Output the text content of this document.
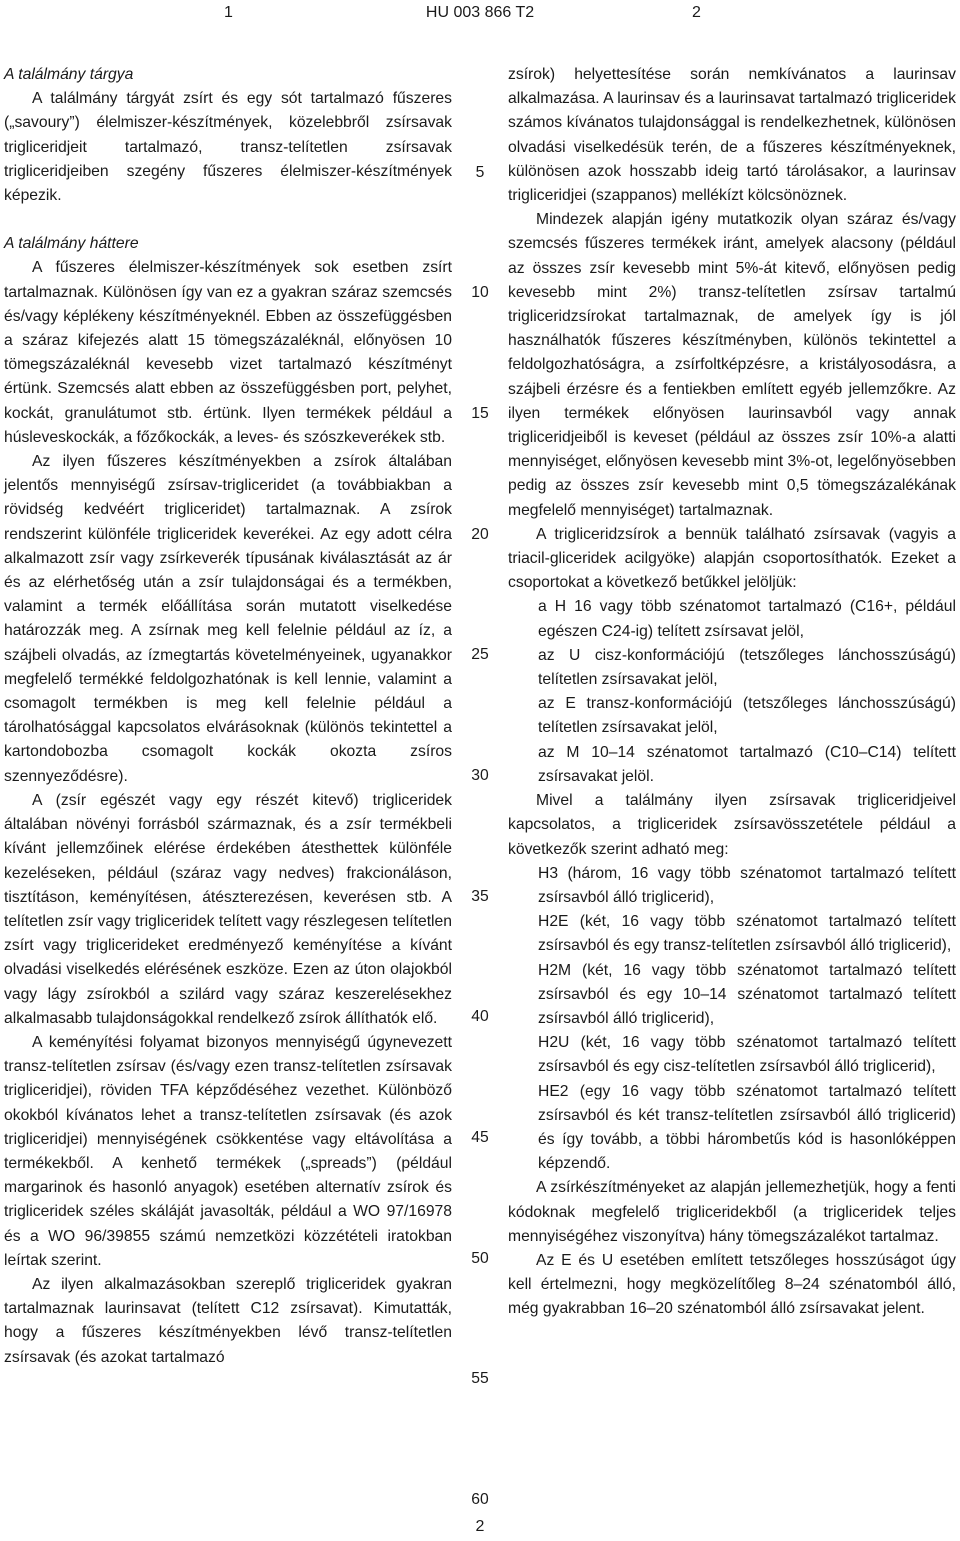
1	HU 003 866 T2	2

A találmány tárgya

A találmány tárgyát zsírt és egy sót tartalmazó fűszeres („savoury”) élelmiszer-készítmények, közelebbről zsírsavak trigliceridjeit tartalmazó, transz-telítetlen zsírsavak trigliceridjeiben szegény fűszeres élelmiszer-készítmények képezik.

A találmány háttere

A fűszeres élelmiszer-készítmények sok esetben zsírt tartalmaznak. Különösen így van ez a gyakran száraz szemcsés és/vagy képlékeny készítményeknél. Ebben az összefüggésben a száraz kifejezés alatt 15 tömegszázaléknál, előnyösen 10 tömegszázaléknál kevesebb vizet tartalmazó készítményt értünk. Szemcsés alatt ebben az összefüggésben port, pelyhet, kockát, granulátumot stb. értünk. Ilyen termékek például a húsleveskockák, a főzőkockák, a leves- és szószkeverékek stb.

Az ilyen fűszeres készítményekben a zsírok általában jelentős mennyiségű zsírsav-trigliceridet (a továbbiakban a rövidség kedvéért trigliceridet) tartalmaznak. A zsírok rendszerint különféle trigliceridek keverékei. Az egy adott célra alkalmazott zsír vagy zsírkeverék típusának kiválasztását az ár és az elérhetőség után a zsír tulajdonságai és a termékben, valamint a termék előállítása során mutatott viselkedése határozzák meg. A zsírnak meg kell felelnie például az íz, a szájbeli olvadás, az ízmegtartás követelményeinek, ugyanakkor megfelelő termékké feldolgozhatónak is kell lennie, valamint a csomagolt termékben is meg kell felelnie például a tárolhatósággal kapcsolatos elvárásoknak (különös tekintettel a kartondobozba csomagolt kockák okozta zsíros szennyeződésre).

A (zsír egészét vagy egy részét kitevő) trigliceridek általában növényi forrásból származnak, és a zsír termékbeli kívánt jellemzőinek elérése érdekében átesthettek különféle kezeléseken, például (száraz vagy nedves) frakcionáláson, tisztításon, keményítésen, átészterezésen, keverésen stb. A telítetlen zsír vagy trigliceridek telített vagy részlegesen telítetlen zsírt vagy triglicerideket eredményező keményítése a kívánt olvadási viselkedés elérésének eszköze. Ezen az úton olajokból vagy lágy zsírokból a szilárd vagy száraz keszerelésekhez alkalmasabb tulajdonságokkal rendelkező zsírok állíthatók elő.

A keményítési folyamat bizonyos mennyiségű úgynevezett transz-telítetlen zsírsav (és/vagy ezen transz-telítetlen zsírsavak trigliceridjei), röviden TFA képződéséhez vezethet. Különböző okokból kívánatos lehet a transz-telítetlen zsírsavak (és azok trigliceridjei) mennyiségének csökkentése vagy eltávolítása a termékekből. A kenhető termékek („spreads”) (például margarinok és hasonló anyagok) esetében alternatív zsírok és trigliceridek széles skáláját javasolták, például a WO 97/16978 és a WO 96/39855 számú nemzetközi közzétételi iratokban leírtak szerint.

Az ilyen alkalmazásokban szereplő trigliceridek gyakran tartalmaznak laurinsavat (telített C12 zsírsavat). Kimutatták, hogy a fűszeres készítményekben lévő transz-telítetlen zsírsavak (és azokat tartalmazó

zsírok) helyettesítése során nemkívánatos a laurinsav alkalmazása. A laurinsav és a laurinsavat tartalmazó trigliceridek számos kívánatos tulajdonsággal is rendelkezhetnek, különösen olvadási viselkedésük terén, de a fűszeres készítményeknek, különösen azok hosszabb ideig tartó tárolásakor, a laurinsav trigliceridjei (szappanos) mellékízt kölcsönöznek.

Mindezek alapján igény mutatkozik olyan száraz és/vagy szemcsés fűszeres termékek iránt, amelyek alacsony (például az összes zsír kevesebb mint 5%-át kitevő, előnyösen pedig kevesebb mint 2%) transz-telítetlen zsírsav tartalmú trigliceridzsírokat tartalmaznak, de amelyek így is jól használhatók fűszeres készítményben, különös tekintettel a feldolgozhatóságra, a zsírfoltképzésre, a kristályosodásra, a szájbeli érzésre és a fentiekben említett egyéb jellemzőkre. Az ilyen termékek előnyösen laurinsavból vagy annak trigliceridjeiből is keveset (például az összes zsír 10%-a alatti mennyiséget, előnyösen kevesebb mint 3%-ot, legelőnyösebben pedig az összes zsír kevesebb mint 0,5 tömegszázalékának megfelelő mennyiséget) tartalmaznak.

A trigliceridzsírok a bennük található zsírsavak (vagyis a triacil-gliceridek acilgyöke) alapján csoportosíthatók. Ezeket a csoportokat a következő betűkkel jelöljük:

a H 16 vagy több szénatomot tartalmazó (C16+, például egészen C24-ig) telített zsírsavat jelöl,

az U cisz-konformációjú (tetszőleges lánchosszúságú) telítetlen zsírsavakat jelöl,

az E transz-konformációjú (tetszőleges lánchosszúságú) telítetlen zsírsavakat jelöl,

az M 10–14 szénatomot tartalmazó (C10–C14) telített zsírsavakat jelöl.

Mivel a találmány ilyen zsírsavak trigliceridjeivel kapcsolatos, a trigliceridek zsírsavösszetétele például a következők szerint adható meg:

H3 (három, 16 vagy több szénatomot tartalmazó telített zsírsavból álló triglicerid),

H2E (két, 16 vagy több szénatomot tartalmazó telített zsírsavból és egy transz-telítetlen zsírsavból álló triglicerid),

H2M (két, 16 vagy több szénatomot tartalmazó telített zsírsavból és egy 10–14 szénatomot tartalmazó telített zsírsavból álló triglicerid),

H2U (két, 16 vagy több szénatomot tartalmazó telített zsírsavból és egy cisz-telítetlen zsírsavból álló triglicerid),

HE2 (egy 16 vagy több szénatomot tartalmazó telített zsírsavból és két transz-telítetlen zsírsavból álló triglicerid) és így tovább, a többi hárombetűs kód is hasonlóképpen képzendő.

A zsírkészítményeket az alapján jellemezhetjük, hogy a fenti kódoknak megfelelő trigliceridekből (a trigliceridek teljes mennyiségéhez viszonyítva) hány tömegszázalékot tartalmaz.

Az E és U esetében említett tetszőleges hosszúságot úgy kell értelmezni, hogy megközelítőleg 8–24 szénatomból álló, még gyakrabban 16–20 szénatomból álló zsírsavakat jelent.

5
10
15
20
25
30
35
40
45
50
55
60
2
